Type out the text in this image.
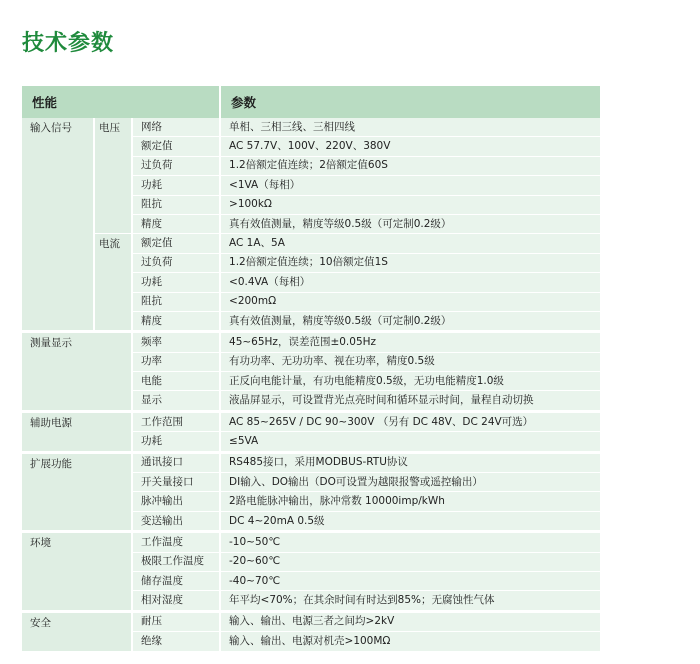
技术参数
性能			参数
输入信号	电压	网络	单相、三相三线、三相四线
		额定值	AC 57.7V、100V、220V、380V
		过负荷	1.2倍额定值连续；2倍额定值60S
		功耗	<1VA（每相）
		阻抗	>100kΩ
		精度	真有效值测量，精度等级0.5级（可定制0.2级）
	电流	额定值	AC 1A、5A
		过负荷	1.2倍额定值连续；10倍额定值1S
		功耗	<0.4VA（每相）
		阻抗	<200mΩ
		精度	真有效值测量，精度等级0.5级（可定制0.2级）

测量显示		频率	45~65Hz，误差范围±0.05Hz
		功率	有功功率、无功功率、视在功率，精度0.5级
		电能	正反向电能计量，有功电能精度0.5级，无功电能精度1.0级
		显示	液晶屏显示，可设置背光点亮时间和循环显示时间，量程自动切换

辅助电源		工作范围	AC 85~265V / DC 90~300V （另有 DC 48V、DC 24V可选）
		功耗	≤5VA

扩展功能		通讯接口	RS485接口，采用MODBUS-RTU协议
		开关量接口	DI输入、DO输出（DO可设置为越限报警或遥控输出）
		脉冲输出	2路电能脉冲输出，脉冲常数 10000imp/kWh
		变送输出	DC 4~20mA 0.5级

环境		工作温度	-10~50℃
		极限工作温度	-20~60℃
		储存温度	-40~70℃
		相对湿度	年平均<70%；在其余时间有时达到85%；无腐蚀性气体

安全		耐压	输入、输出、电源三者之间均>2kV
		绝缘	输入、输出、电源对机壳>100MΩ
